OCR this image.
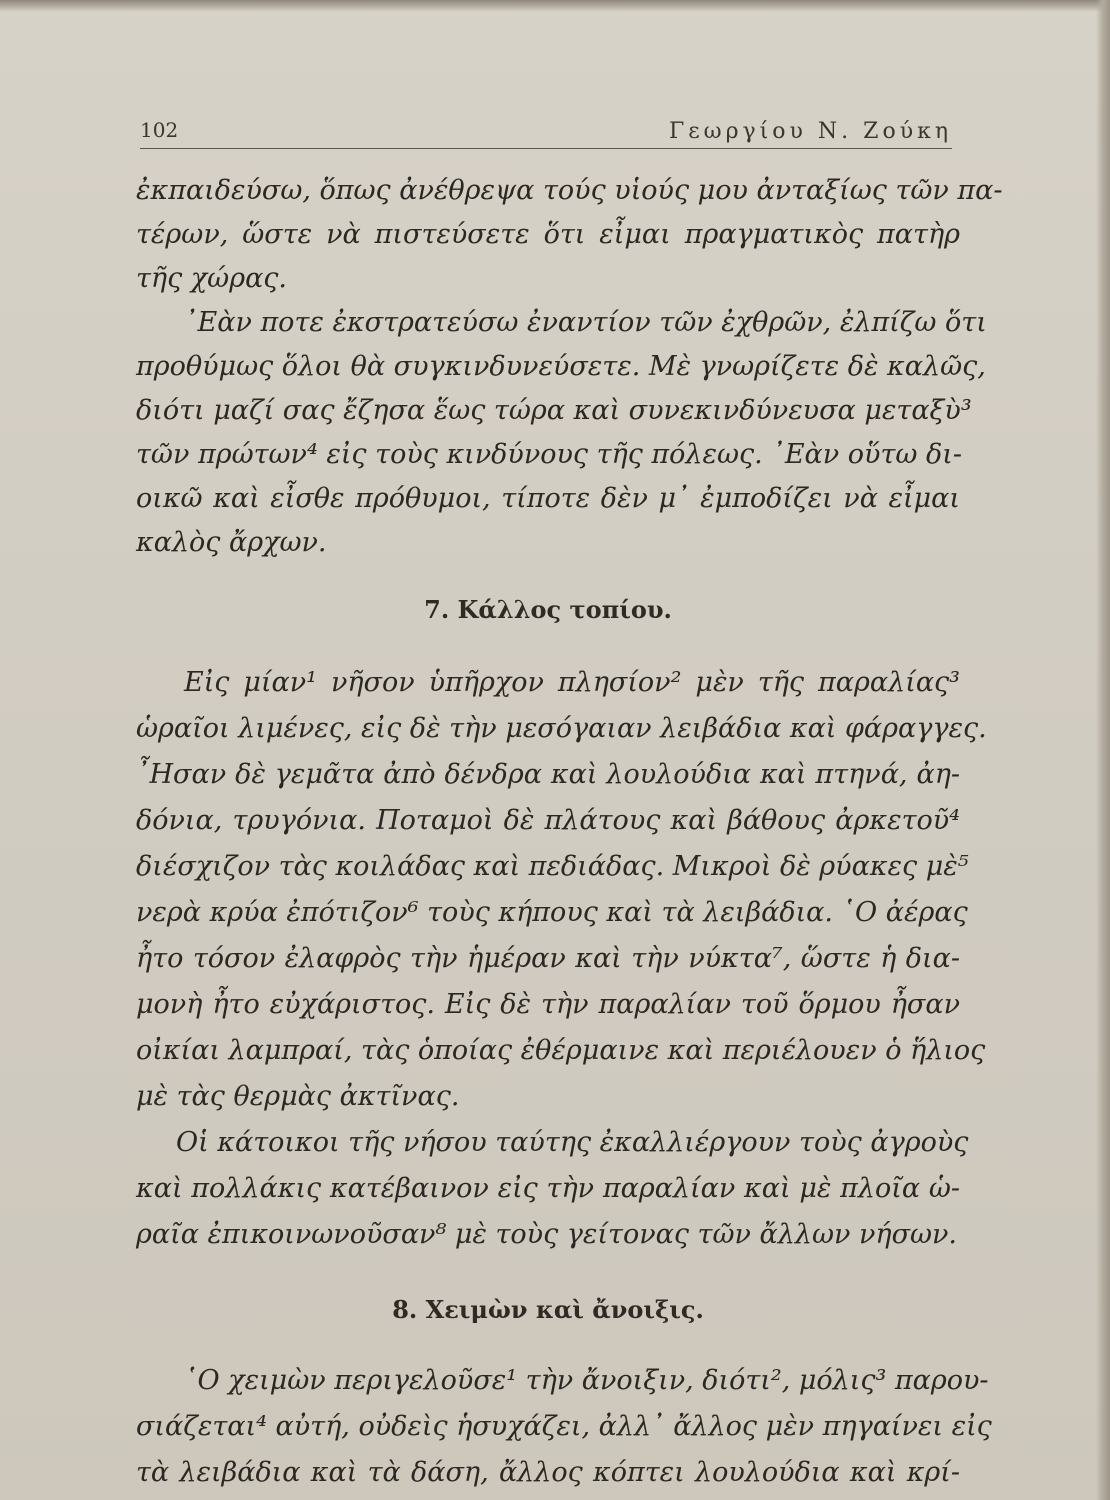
102	Γεωργίου Ν. Ζούκη
ἐκπαιδεύσω, ὅπως ἀνέθρεψα τούς υἱούς μου ἀνταξίως τῶν πα-
τέρων, ὥστε νὰ πιστεύσετε ὅτι εἶμαι πραγματικὸς πατὴρ
τῆς χώρας.
᾿Εὰν ποτε ἐκστρατεύσω ἐναντίον τῶν ἐχθρῶν, ἐλπίζω ὅτι
προθύμως ὅλοι θὰ συγκινδυνεύσετε. Μὲ γνωρίζετε δὲ καλῶς,
διότι μαζί σας ἔζησα ἕως τώρα καὶ συνεκινδύνευσα μεταξὺ³
τῶν πρώτων⁴ εἰς τοὺς κινδύνους τῆς πόλεως. ᾿Εὰν οὕτω δι-
οικῶ καὶ εἶσθε πρόθυμοι, τίποτε δὲν μ᾿ ἐμποδίζει νὰ εἶμαι
καλὸς ἄρχων.
7. Κάλλος τοπίου.
Εἰς μίαν¹ νῆσον ὑπῆρχον πλησίον² μὲν τῆς παραλίας³
ὡραῖοι λιμένες, εἰς δὲ τὴν μεσόγαιαν λειβάδια καὶ φάραγγες.
῏Ησαν δὲ γεμᾶτα ἀπὸ δένδρα καὶ λουλούδια καὶ πτηνά, ἀη-
δόνια, τρυγόνια. Ποταμοὶ δὲ πλάτους καὶ βάθους ἀρκετοῦ⁴
διέσχιζον τὰς κοιλάδας καὶ πεδιάδας. Μικροὶ δὲ ρύακες μὲ⁵
νερὰ κρύα ἐπότιζον⁶ τοὺς κήπους καὶ τὰ λειβάδια. ῾Ο ἀέρας
ἦτο τόσον ἐλαφρὸς τὴν ἡμέραν καὶ τὴν νύκτα⁷, ὥστε ἡ δια-
μονὴ ἦτο εὐχάριστος. Εἰς δὲ τὴν παραλίαν τοῦ ὅρμου ἦσαν
οἰκίαι λαμπραί, τὰς ὁποίας ἐθέρμαινε καὶ περιέλουεν ὁ ἥλιος
μὲ τὰς θερμὰς ἀκτῖνας.
Οἱ κάτοικοι τῆς νήσου ταύτης ἐκαλλιέργουν τοὺς ἀγροὺς
καὶ πολλάκις κατέβαινον εἰς τὴν παραλίαν καὶ μὲ πλοῖα ὡ-
ραῖα ἐπικοινωνοῦσαν⁸ μὲ τοὺς γείτονας τῶν ἄλλων νήσων.
8. Χειμὼν καὶ ἄνοιξις.
῾Ο χειμὼν περιγελοῦσε¹ τὴν ἄνοιξιν, διότι², μόλις³ παρου-
σιάζεται⁴ αὐτή, οὐδεὶς ἡσυχάζει, ἀλλ᾿ ἄλλος μὲν πηγαίνει εἰς
τὰ λειβάδια καὶ τὰ δάση, ἄλλος κόπτει λουλούδια καὶ κρί-
